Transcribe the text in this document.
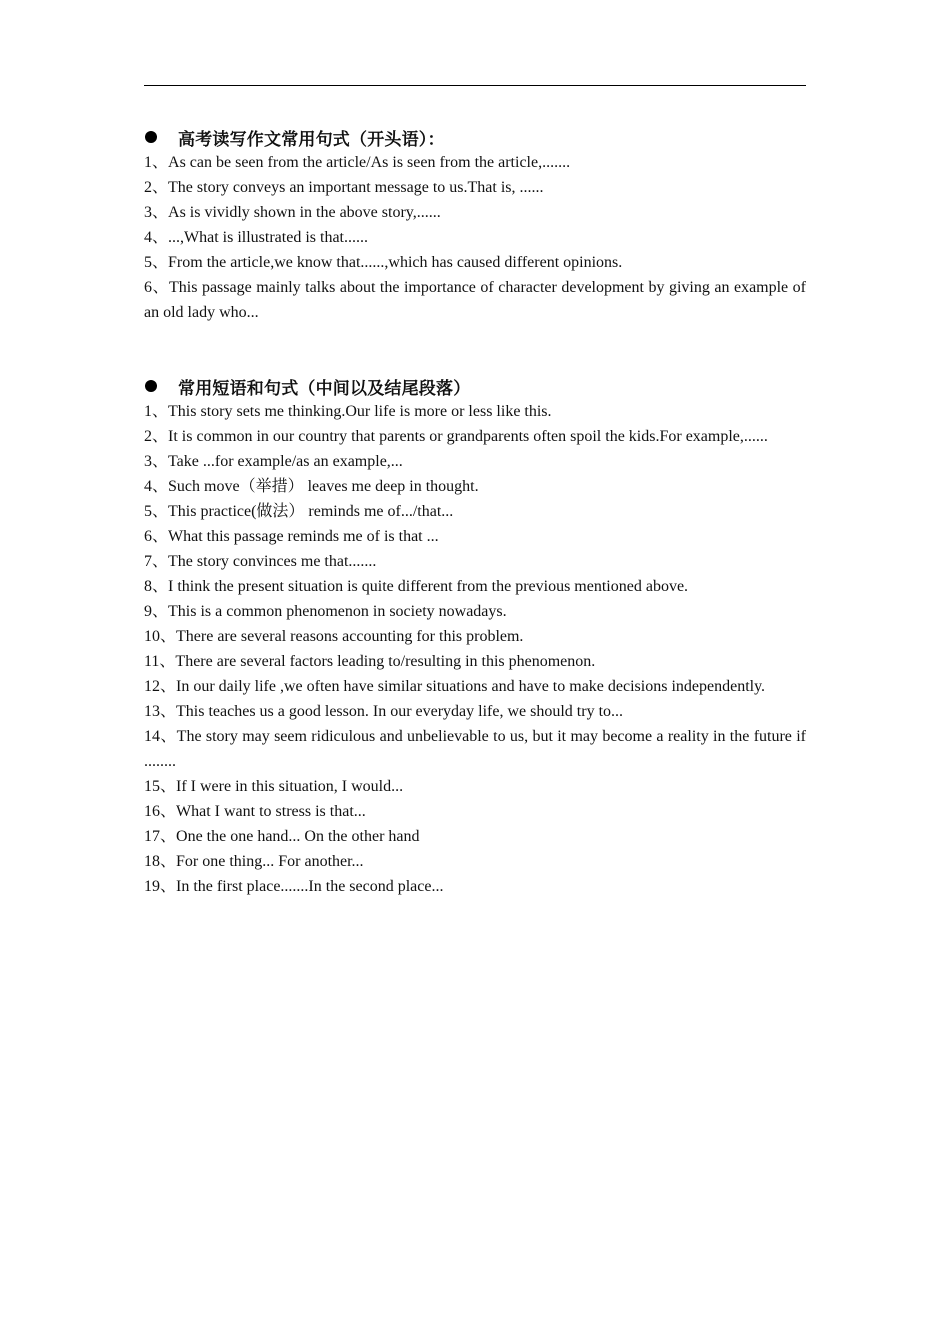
高考读写作文常用句式（开头语）：
1、As can be seen from the article/As is seen from the article,.......
2、The story conveys an important message to us.That is, ......
3、As is vividly shown in the above story,......
4、...,What is illustrated is that......
5、From the article,we know that......,which has caused different opinions.
6、This passage mainly talks about the importance of character development by giving an example of an old lady who...
常用短语和句式（中间以及结尾段落）
1、This story sets me thinking.Our life is more or less like this.
2、It is common in our country that parents or grandparents often spoil the kids.For example,......
3、Take ...for example/as an example,...
4、Such move（举措） leaves me deep in thought.
5、This practice(做法） reminds me of.../that...
6、What this passage reminds me of is that ...
7、The story convinces me that.......
8、I think the present situation is quite different from the previous mentioned above.
9、This is a common phenomenon in society nowadays.
10、There are several reasons accounting for this problem.
11、There are several factors leading to/resulting in this phenomenon.
12、In our daily life ,we often have similar situations and have to make decisions independently.
13、This teaches us a good lesson. In our everyday life, we should try to...
14、The story may seem ridiculous and unbelievable to us, but it may become a reality in the future if ........
15、If I were in this situation, I would...
16、What I want to stress is that...
17、One the one hand... On the other hand
18、For one thing... For another...
19、In the first place.......In the second place...
